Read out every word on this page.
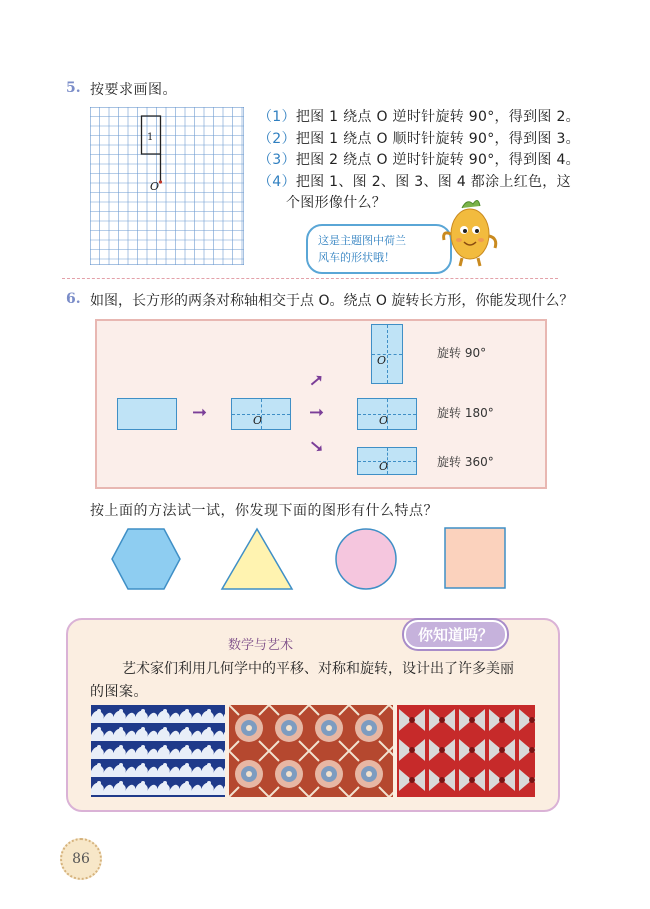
5. 按要求画图。
1
O
（1）把图 1 绕点 O 逆时针旋转 90°，得到图 2。
（2）把图 1 绕点 O 顺时针旋转 90°，得到图 3。
（3）把图 2 绕点 O 逆时针旋转 90°，得到图 4。
（4）把图 1、图 2、图 3、图 4 都涂上红色，这
个图形像什么？
这是主题图中荷兰
风车的形状哦！
6. 如图，长方形的两条对称轴相交于点 O。绕点 O 旋转长方形，你能发现什么？
➞	O
➞
➞
➞
O
旋转 90°
O
旋转 180°
O	旋转 360°
按上面的方法试一试，你发现下面的图形有什么特点？
你知道吗？
数学与艺术
艺术家们利用几何学中的平移、对称和旋转，设计出了许多美丽
的图案。
86
